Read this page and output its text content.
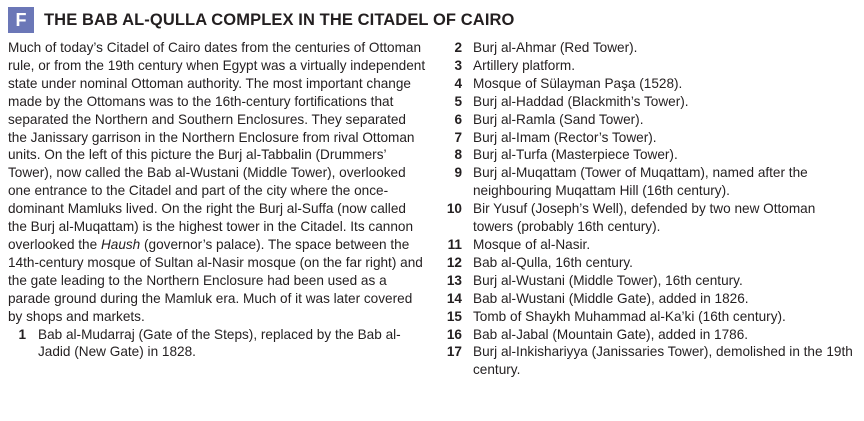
F	THE BAB AL-QULLA COMPLEX IN THE CITADEL OF CAIRO

Much of today’s Citadel of Cairo dates from the centuries of Ottoman rule, or from the 19th century when Egypt was a virtually independent state under nominal Ottoman authority. The most important change made by the Ottomans was to the 16th-century fortifications that separated the Northern and Southern Enclosures. They separated the Janissary garrison in the Northern Enclosure from rival Ottoman units. On the left of this picture the Burj al-Tabbalin (Drummers’ Tower), now called the Bab al-Wustani (Middle Tower), overlooked one entrance to the Citadel and part of the city where the once-dominant Mamluks lived. On the right the Burj al-Suffa (now called the Burj al-Muqattam) is the highest tower in the Citadel. Its cannon overlooked the Haush (governor’s palace). The space between the 14th-century mosque of Sultan al-Nasir mosque (on the far right) and the gate leading to the Northern Enclosure had been used as a parade ground during the Mamluk era. Much of it was later covered by shops and markets.

1 Bab al-Mudarraj (Gate of the Steps), replaced by the Bab al-Jadid (New Gate) in 1828.
2 Burj al-Ahmar (Red Tower).
3 Artillery platform.
4 Mosque of Sülayman Paşa (1528).
5 Burj al-Haddad (Blackmith’s Tower).
6 Burj al-Ramla (Sand Tower).
7 Burj al-Imam (Rector’s Tower).
8 Burj al-Turfa (Masterpiece Tower).
9 Burj al-Muqattam (Tower of Muqattam), named after the neighbouring Muqattam Hill (16th century).
10 Bir Yusuf (Joseph’s Well), defended by two new Ottoman towers (probably 16th century).
11 Mosque of al-Nasir.
12 Bab al-Qulla, 16th century.
13 Burj al-Wustani (Middle Tower), 16th century.
14 Bab al-Wustani (Middle Gate), added in 1826.
15 Tomb of Shaykh Muhammad al-Ka’ki (16th century).
16 Bab al-Jabal (Mountain Gate), added in 1786.
17 Burj al-Inkishariyya (Janissaries Tower), demolished in the 19th century.
